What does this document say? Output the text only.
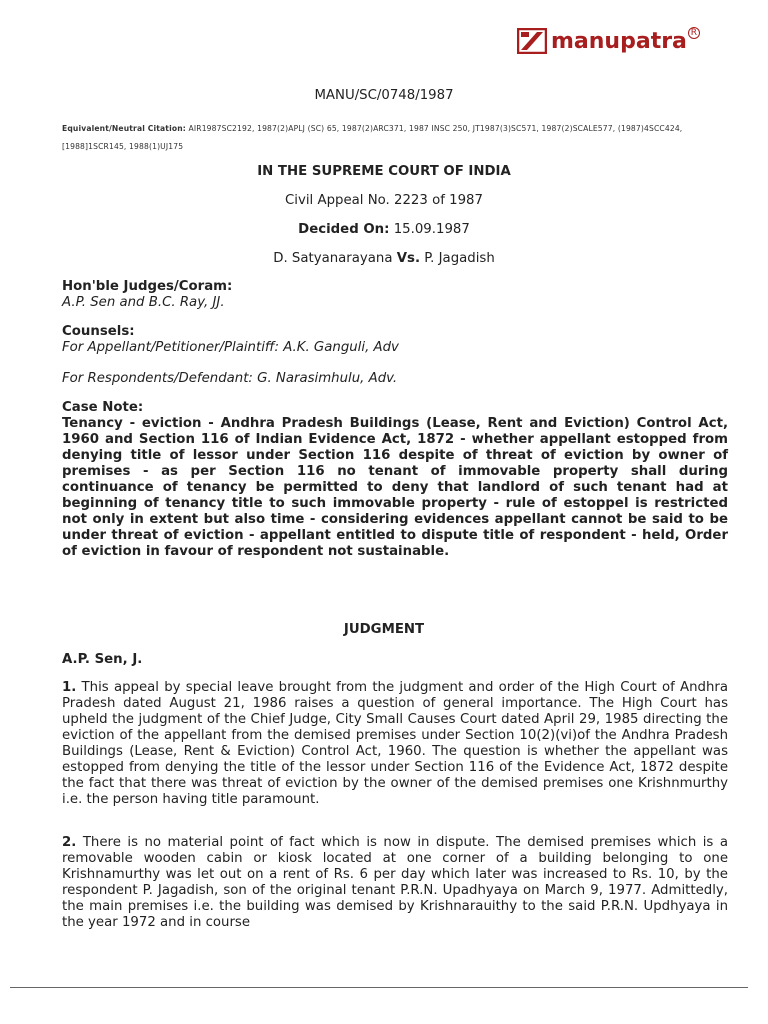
manupatra R
MANU/SC/0748/1987
Equivalent/Neutral Citation: AIR1987SC2192, 1987(2)APLJ (SC) 65, 1987(2)ARC371, 1987 INSC 250, JT1987(3)SC571, 1987(2)SCALE577, (1987)4SCC424, [1988]1SCR145, 1988(1)UJ175
IN THE SUPREME COURT OF INDIA
Civil Appeal No. 2223 of 1987
Decided On: 15.09.1987
D. Satyanarayana Vs. P. Jagadish
Hon'ble Judges/Coram:
A.P. Sen and B.C. Ray, JJ.
Counsels:
For Appellant/Petitioner/Plaintiff: A.K. Ganguli, Adv
For Respondents/Defendant: G. Narasimhulu, Adv.
Case Note:
Tenancy - eviction - Andhra Pradesh Buildings (Lease, Rent and Eviction) Control Act, 1960 and Section 116 of Indian Evidence Act, 1872 - whether appellant estopped from denying title of lessor under Section 116 despite of threat of eviction by owner of premises - as per Section 116 no tenant of immovable property shall during continuance of tenancy be permitted to deny that landlord of such tenant had at beginning of tenancy title to such immovable property - rule of estoppel is restricted not only in extent but also time - considering evidences appellant cannot be said to be under threat of eviction - appellant entitled to dispute title of respondent - held, Order of eviction in favour of respondent not sustainable.
JUDGMENT
A.P. Sen, J.
1. This appeal by special leave brought from the judgment and order of the High Court of Andhra Pradesh dated August 21, 1986 raises a question of general importance. The High Court has upheld the judgment of the Chief Judge, City Small Causes Court dated April 29, 1985 directing the eviction of the appellant from the demised premises under Section 10(2)(vi)of the Andhra Pradesh Buildings (Lease, Rent & Eviction) Control Act, 1960. The question is whether the appellant was estopped from denying the title of the lessor under Section 116 of the Evidence Act, 1872 despite the fact that there was threat of eviction by the owner of the demised premises one Krishnmurthy i.e. the person having title paramount.
2. There is no material point of fact which is now in dispute. The demised premises which is a removable wooden cabin or kiosk located at one corner of a building belonging to one Krishnamurthy was let out on a rent of Rs. 6 per day which later was increased to Rs. 10, by the respondent P. Jagadish, son of the original tenant P.R.N. Upadhyaya on March 9, 1977. Admittedly, the main premises i.e. the building was demised by Krishnarauithy to the said P.R.N. Updhyaya in the year 1972 and in course
